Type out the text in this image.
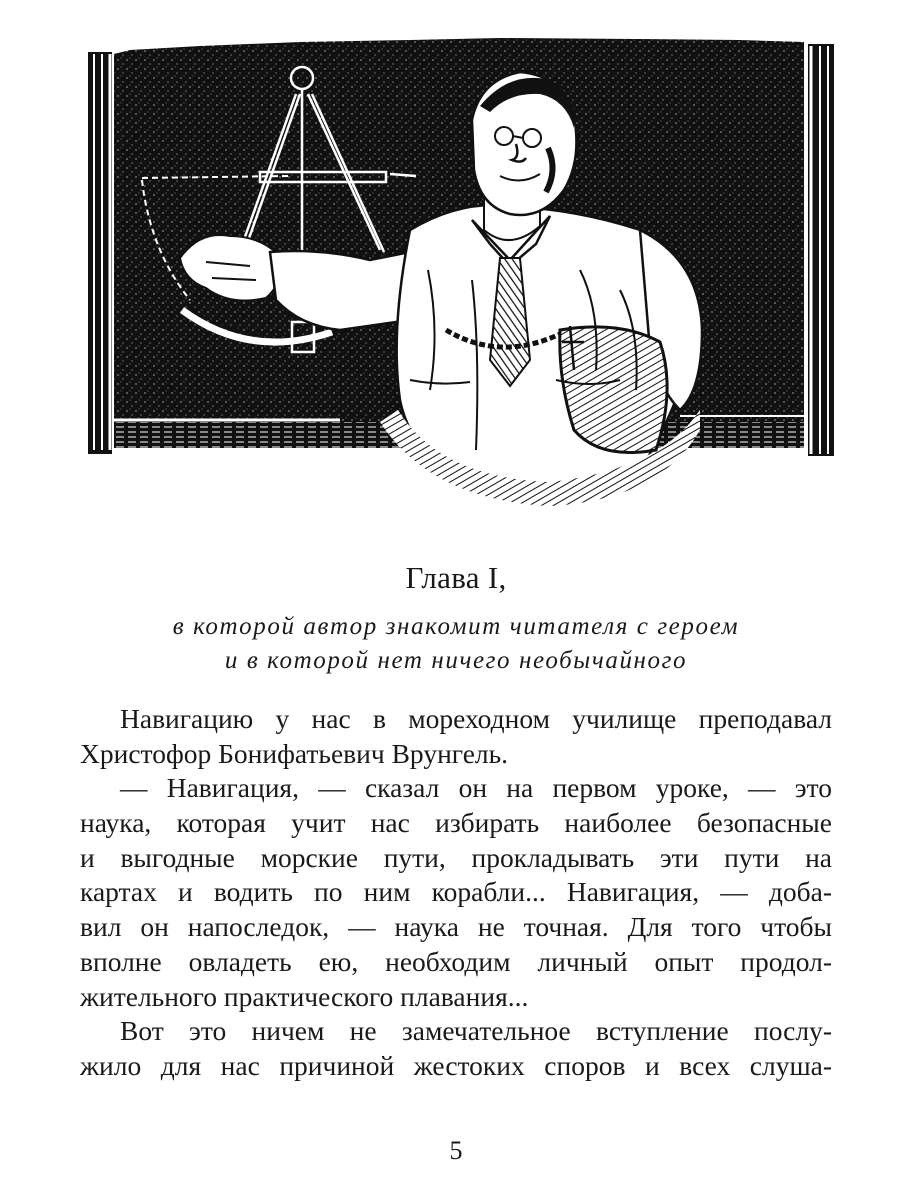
Глава I,
в которой автор знакомит читателя с героем
и в которой нет ничего необычайного
Навигацию у нас в мореходном училище преподавал
Христофор Бонифатьевич Врунгель.
— Навигация, — сказал он на первом уроке, — это
наука, которая учит нас избирать наиболее безопасные
и выгодные морские пути, прокладывать эти пути на
картах и водить по ним корабли... Навигация, — доба-
вил он напоследок, — наука не точная. Для того чтобы
вполне овладеть ею, необходим личный опыт продол-
жительного практического плавания...
Вот это ничем не замечательное вступление послу-
жило для нас причиной жестоких споров и всех слуша-
5
